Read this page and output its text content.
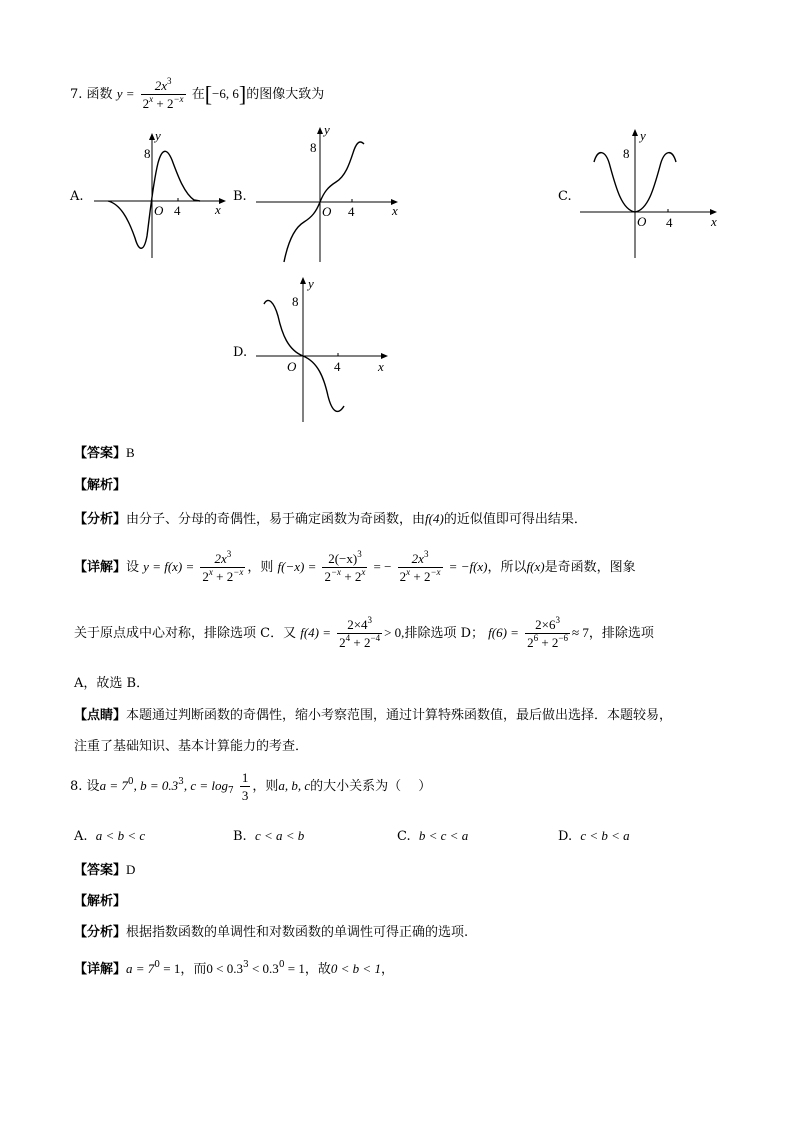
7. 函数 $y = \frac{2x^3}{2^x + 2^{-x}}$ 在[−6, 6]的图像大致为
A.
8
y
O 4	x
B.
8
y
O 4	x
C.
8
y
O 4	x
D.
8
y
O	4	x
【答案】B
【解析】
【分析】由分子、分母的奇偶性，易于确定函数为奇函数，由f(4)的近似值即可得出结果．
【详解】设 $y = f(x) = \frac{2x^3}{2^x + 2^{-x}}$ ，则 $f(-x) = \frac{2(-x)^3}{2^{-x} + 2^x}$ = − $\frac{2x^3}{2^x + 2^{-x}} = -f(x)$，所以f(x)是奇函数，图象
关于原点成中心对称，排除选项 C．又 $f(4) = \frac{2\times 4^3}{2^4 + 2^{-4}} > 0$,排除选项 D； $f(6) = \frac{2\times 6^3}{2^6 + 2^{-6}} \approx 7$，排除选项
A，故选 B．
【点睛】本题通过判断函数的奇偶性，缩小考察范围，通过计算特殊函数值，最后做出选择．本题较易，
注重了基础知识、基本计算能力的考查．
8. 设$a = 7^0$, $b = 0.3^3$, $c = \log_7 \frac{1}{3}$ ，则a, b, c的大小关系为（　 ）
A. a < b < c	B. c < a < b	C. b < c < a	D. c < b < a
【答案】D
【解析】
【分析】根据指数函数的单调性和对数函数的单调性可得正确的选项.
【详解】$a = 7^0 = 1$，而$0 < 0.3^3 < 0.3^0 = 1$，故0 < b < 1，
